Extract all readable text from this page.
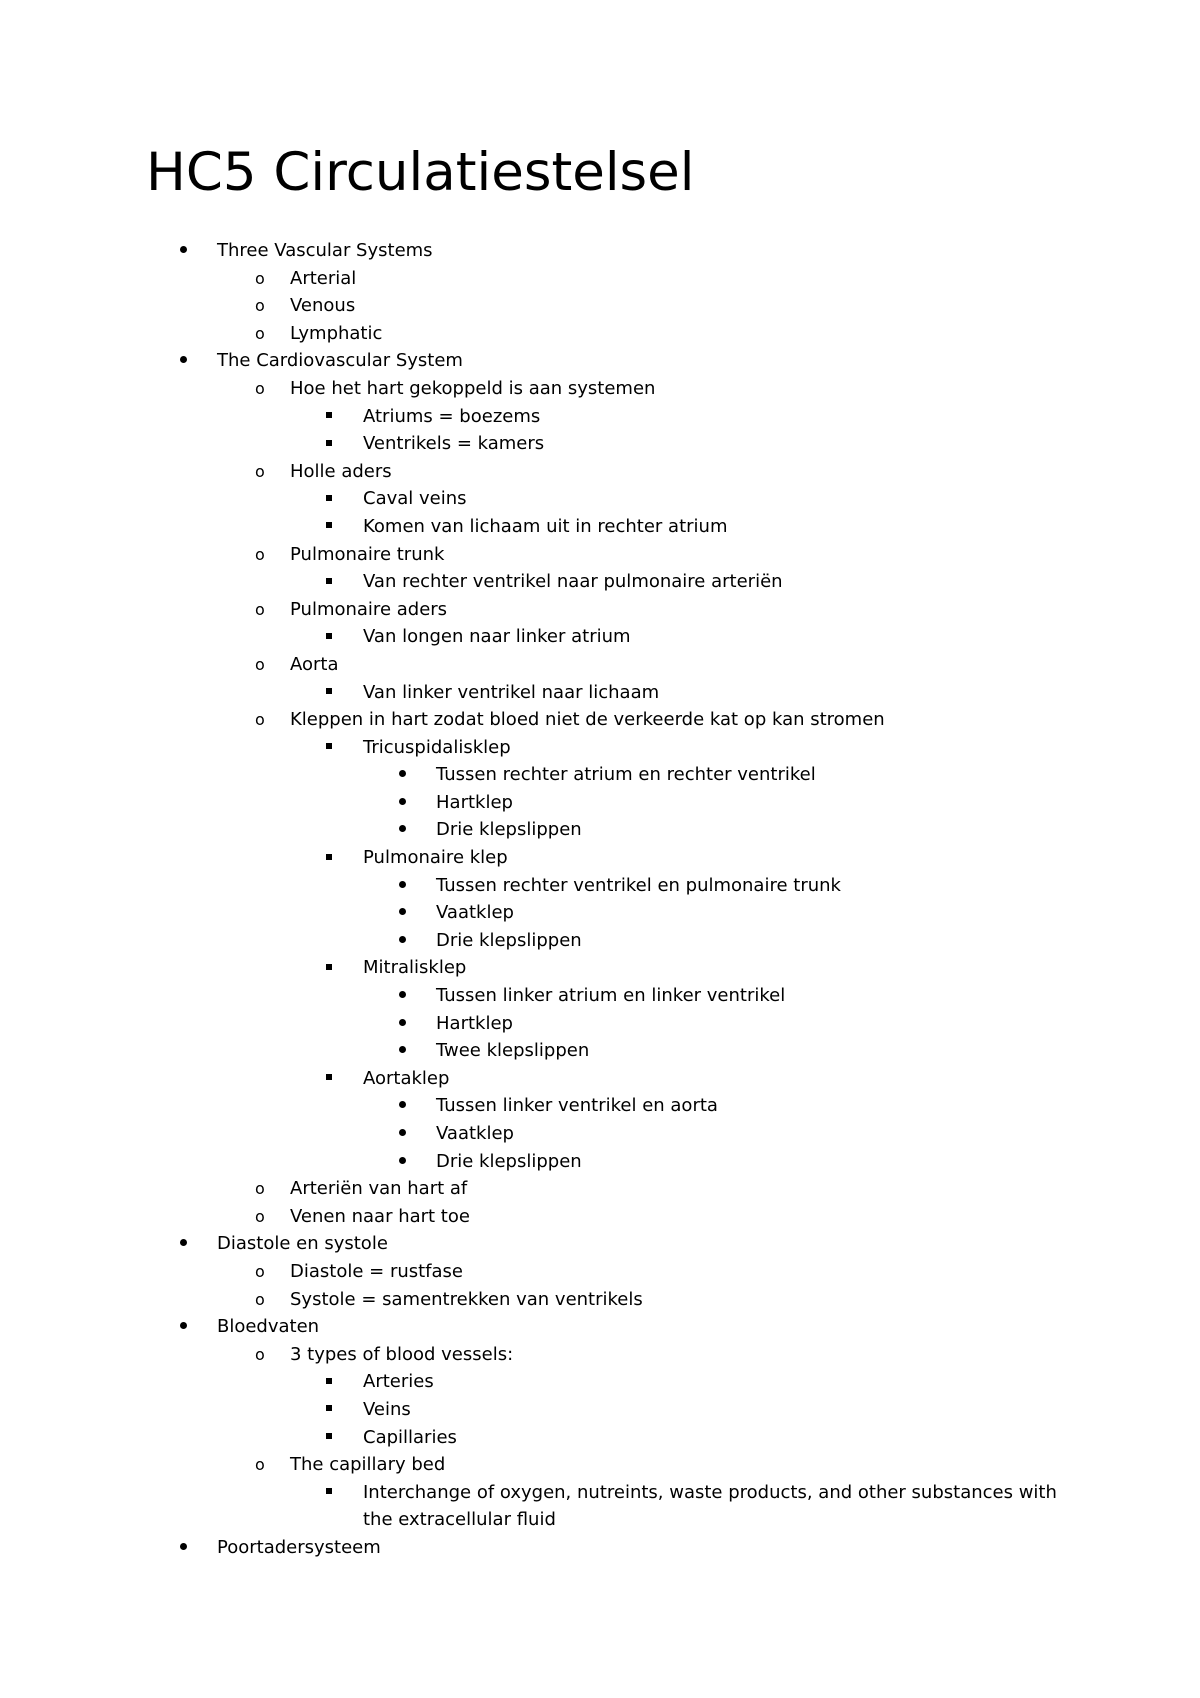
HC5 Circulatiestelsel
Three Vascular Systems
o Arterial
o Venous
o Lymphatic
The Cardiovascular System
o Hoe het hart gekoppeld is aan systemen
Atriums = boezems
Ventrikels = kamers
o Holle aders
Caval veins
Komen van lichaam uit in rechter atrium
o Pulmonaire trunk
Van rechter ventrikel naar pulmonaire arteriën
o Pulmonaire aders
Van longen naar linker atrium
o Aorta
Van linker ventrikel naar lichaam
o Kleppen in hart zodat bloed niet de verkeerde kat op kan stromen
Tricuspidalisklep
Tussen rechter atrium en rechter ventrikel
Hartklep
Drie klepslippen
Pulmonaire klep
Tussen rechter ventrikel en pulmonaire trunk
Vaatklep
Drie klepslippen
Mitralisklep
Tussen linker atrium en linker ventrikel
Hartklep
Twee klepslippen
Aortaklep
Tussen linker ventrikel en aorta
Vaatklep
Drie klepslippen
o Arteriën van hart af
o Venen naar hart toe
Diastole en systole
o Diastole = rustfase
o Systole = samentrekken van ventrikels
Bloedvaten
o 3 types of blood vessels:
Arteries
Veins
Capillaries
o The capillary bed
Interchange of oxygen, nutreints, waste products, and other substances with the extracellular fluid
Poortadersysteem
